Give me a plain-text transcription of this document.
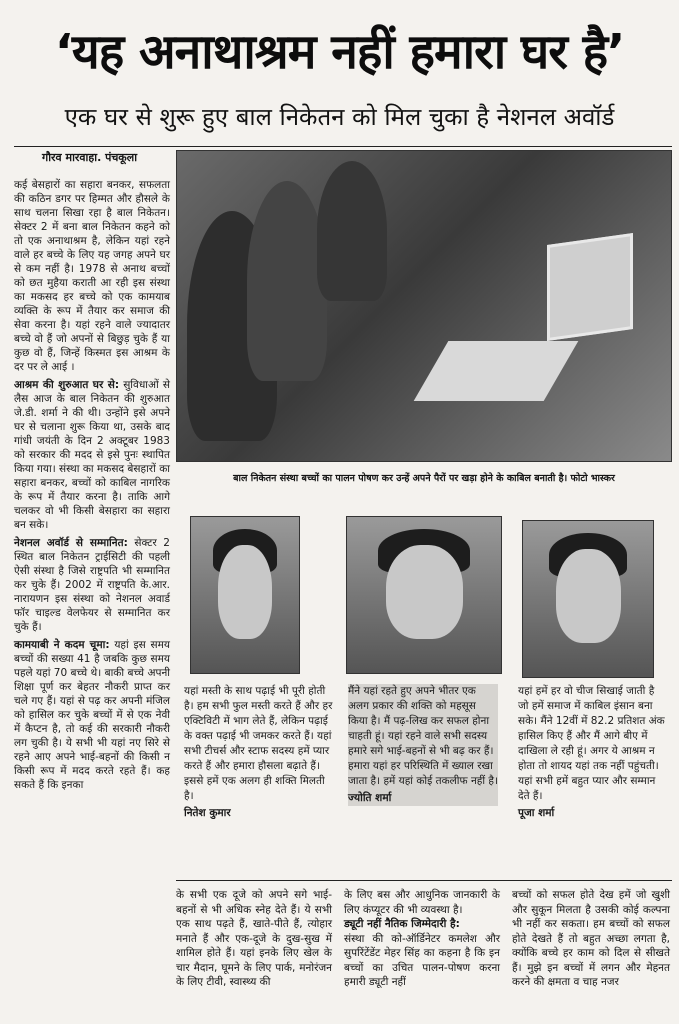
‘यह अनाथाश्रम नहीं हमारा घर है’
एक घर से शुरू हुए बाल निकेतन को मिल चुका है नेशनल अवॉर्ड
गौरव मारवाहा. पंचकूला

कई बेसहारों का सहारा बनकर, सफलता की कठिन डगर पर हिम्मत और हौसले के साथ चलना सिखा रहा है बाल निकेतन। सेक्टर 2 में बना बाल निकेतन कहने को तो एक अनाथाश्रम है, लेकिन यहां रहने वाले हर बच्चे के लिए यह जगह अपने घर से कम नहीं है। 1978 से अनाथ बच्चों को छत मुहैया कराती आ रही इस संस्था का मकसद हर बच्चे को एक कामयाब व्यक्ति के रूप में तैयार कर समाज की सेवा करना है। यहां रहने वाले ज्यादातर बच्चे वो हैं जो अपनों से बिछुड़ चुके हैं या कुछ वो हैं, जिन्हें किस्मत इस आश्रम के दर पर ले आई ।

आश्रम की शुरुआत घर से: सुविधाओं से लैस आज के बाल निकेतन की शुरुआत जे.डी. शर्मा ने की थी। उन्होंने इसे अपने घर से चलाना शुरू किया था, उसके बाद गांधी जयंती के दिन 2 अक्टूबर 1983 को सरकार की मदद से इसे पुनः स्थापित किया गया। संस्था का मकसद बेसहारों का सहारा बनकर, बच्चों को काबिल नागरिक के रूप में तैयार करना है। ताकि आगे चलकर वो भी किसी बेसहारा का सहारा बन सके।

नेशनल अवॉर्ड से सम्मानित: सेक्टर 2 स्थित बाल निकेतन ट्राईसिटी की पहली ऐसी संस्था है जिसे राष्ट्रपति भी सम्मानित कर चुके हैं। 2002 में राष्ट्रपति के.आर. नारायणन इस संस्था को नेशनल अवार्ड फॉर चाइल्ड वेलफेयर से सम्मानित कर चुके हैं।

कामयाबी ने कदम चूमा: यहां इस समय बच्चों की सख्या 41 है जबकि कुछ समय पहले यहां 70 बच्चे थे। बाकी बच्चे अपनी शिक्षा पूर्ण कर बेहतर नौकरी प्राप्त कर चले गए हैं। यहां से पढ़ कर अपनी मंजिल को हासिल कर चुके बच्चों में से एक नेवी में कैप्टन है, तो कई की सरकारी नौकरी लग चुकी है। ये सभी भी यहां नए सिरे से रहने आए अपने भाई-बहनों की किसी न किसी रूप में मदद करते रहते हैं। कह सकते हैं कि इनका

बाल निकेतन संस्था बच्चों का पालन पोषण कर उन्हें अपने पैरों पर खड़ा होने के काबिल बनाती है। फोटो भास्कर
यहां मस्ती के साथ पढ़ाई भी पूरी होती है। हम सभी फुल मस्ती करते हैं और हर एक्टिविटी में भाग लेते हैं, लेकिन पढ़ाई के वक्त पढ़ाई भी जमकर करते हैं। यहां सभी टीचर्स और स्टाफ सदस्य हमें प्यार करते हैं और हमारा हौसला बढ़ाते हैं। इससे हमें एक अलग ही शक्ति मिलती है।
नितेश कुमार
मैंने यहां रहते हुए अपने भीतर एक अलग प्रकार की शक्ति को महसूस किया है। मैं पढ़-लिख कर सफल होना चाहती हूं। यहां रहने वाले सभी सदस्य हमारे सगे भाई-बहनों से भी बढ़ कर हैं। हमारा यहां हर परिस्थिति में ख्याल रखा जाता है। हमें यहां कोई तकलीफ नहीं है।
ज्योति शर्मा
यहां हमें हर वो चीज सिखाई जाती है जो हमें समाज में काबिल इंसान बना सके। मैंने 12वीं में 82.2 प्रतिशत अंक हासिल किए हैं और मैं आगे बीए में दाखिला ले रही हूं। अगर ये आश्रम न होता तो शायद यहां तक नहीं पहुंचती। यहां सभी हमें बहुत प्यार और सम्मान देते हैं।
पूजा शर्मा
के सभी एक दूजे को अपने सगे भाई-बहनों से भी अधिक स्नेह देते हैं। ये सभी एक साथ पढ़ते हैं, खाते-पीते हैं, त्योहार मनाते हैं और एक-दूजे के दुख-सुख में शामिल होते हैं। यहां इनके लिए खेल के चार मैदान, घूमने के लिए पार्क, मनोरंजन के लिए टीवी, स्वास्थ्य की
के लिए बस और आधुनिक जानकारी के लिए कंप्यूटर की भी व्यवस्था है।
ड्यूटी नहीं नैतिक जिम्मेदारी है:
संस्था की को-ऑर्डिनेटर कमलेश और सुपरिंटेंडेंट मेहर सिंह का कहना है कि इन बच्चों का उचित पालन-पोषण करना हमारी ड्यूटी नहीं
बच्चों को सफल होते देख हमें जो खुशी और सुकून मिलता है उसकी कोई कल्पना भी नहीं कर सकता। हम बच्चों को सफल होते देखते हैं तो बहुत अच्छा लगता है, क्योंकि बच्चे हर काम को दिल से सीखते हैं। मुझे इन बच्चों में लगन और मेहनत करने की क्षमता व चाह नजर
